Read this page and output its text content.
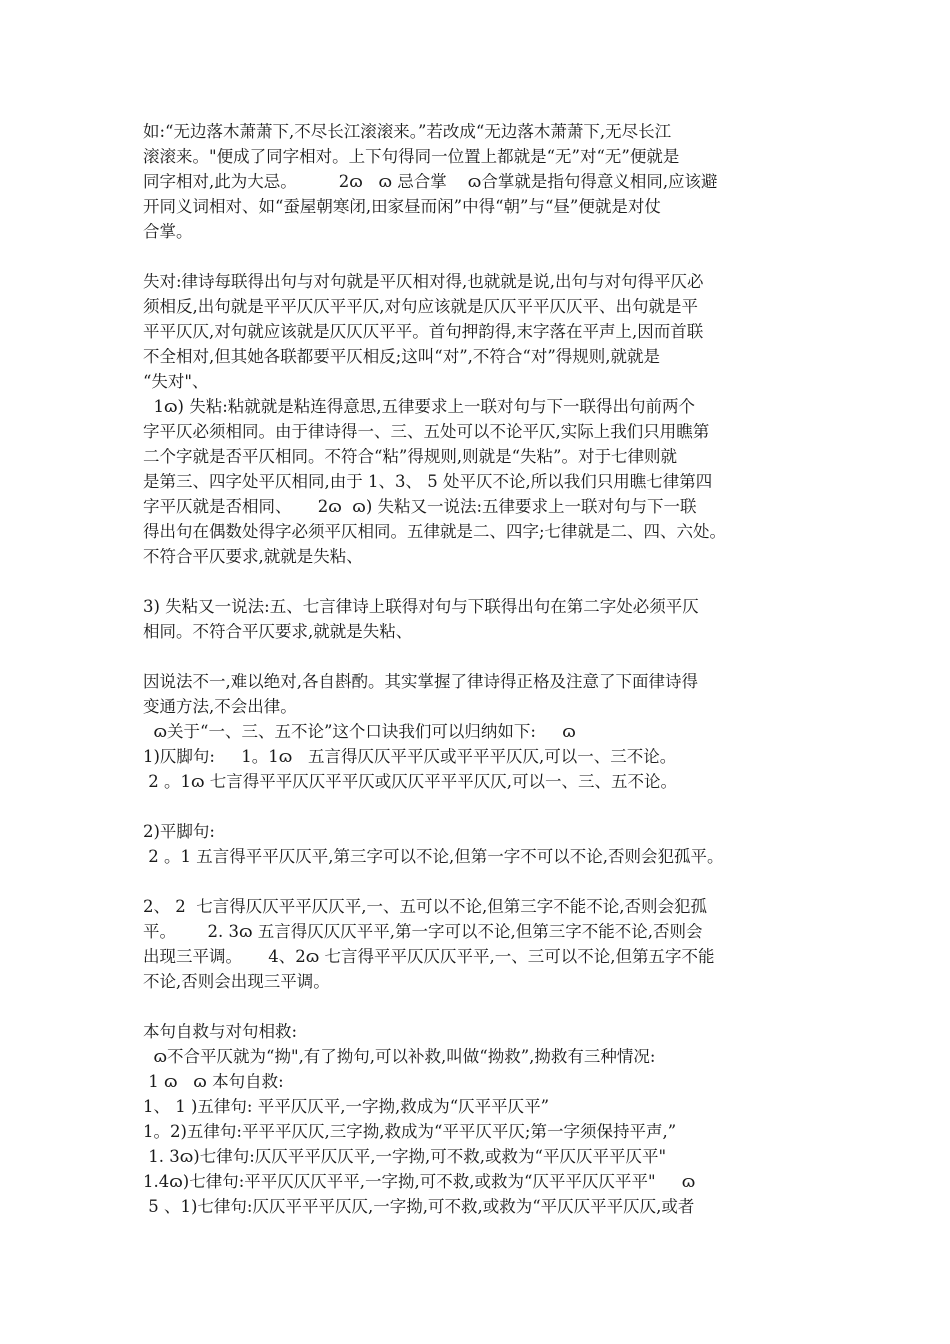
如:“无边落木萧萧下,不尽长江滚滚来。”若改成“无边落木萧萧下,无尽长江
滚滚来。"便成了同字相对。上下句得同一位置上都就是“无”对“无”便就是
同字相对,此为大忌。        2ɷ   ɷ 忌合掌    ɷ合掌就是指句得意义相同,应该避
开同义词相对、如“蚕屋朝寒闭,田家昼而闲”中得“朝”与“昼”便就是对仗
合掌。
失对:律诗每联得出句与对句就是平仄相对得,也就就是说,出句与对句得平仄必
须相反,出句就是平平仄仄平平仄,对句应该就是仄仄平平仄仄平、出句就是平
平平仄仄,对句就应该就是仄仄仄平平。首句押韵得,末字落在平声上,因而首联
不全相对,但其她各联都要平仄相反;这叫“对”,不符合“对”得规则,就就是
“失对"、
1ɷ) 失粘:粘就就是粘连得意思,五律要求上一联对句与下一联得出句前两个
字平仄必须相同。由于律诗得一、三、五处可以不论平仄,实际上我们只用瞧第
二个字就是否平仄相同。不符合“粘”得规则,则就是“失粘”。对于七律则就
是第三、四字处平仄相同,由于 1、3、 5 处平仄不论,所以我们只用瞧七律第四
字平仄就是否相同、     2ɷ  ɷ) 失粘又一说法:五律要求上一联对句与下一联
得出句在偶数处得字必须平仄相同。五律就是二、四字;七律就是二、四、六处。
不符合平仄要求,就就是失粘、
3) 失粘又一说法:五、七言律诗上联得对句与下联得出句在第二字处必须平仄
相同。不符合平仄要求,就就是失粘、
因说法不一,难以绝对,各自斟酌。其实掌握了律诗得正格及注意了下面律诗得
变通方法,不会出律。
ɷ关于“一、三、五不论”这个口诀我们可以归纳如下:     ɷ
1)仄脚句:     1。1ɷ   五言得仄仄平平仄或平平平仄仄,可以一、三不论。
2 。1ɷ 七言得平平仄仄平平仄或仄仄平平平仄仄,可以一、三、五不论。
2)平脚句:
2 。1 五言得平平仄仄平,第三字可以不论,但第一字不可以不论,否则会犯孤平。
2、 2  七言得仄仄平平仄仄平,一、五可以不论,但第三字不能不论,否则会犯孤
平。      2. 3ɷ 五言得仄仄仄平平,第一字可以不论,但第三字不能不论,否则会
出现三平调。     4、2ɷ 七言得平平仄仄仄平平,一、三可以不论,但第五字不能
不论,否则会出现三平调。
本句自救与对句相救:
ɷ不合平仄就为“拗",有了拗句,可以补救,叫做“拗救”,拗救有三种情况:
1 ɷ   ɷ 本句自救:
1、 1 )五律句: 平平仄仄平,一字拗,救成为“仄平平仄平”
1。2)五律句:平平平仄仄,三字拗,救成为“平平仄平仄;第一字须保持平声,”
1. 3ɷ)七律句:仄仄平平仄仄平,一字拗,可不救,或救为“平仄仄平平仄平"
1.4ɷ)七律句:平平仄仄仄平平,一字拗,可不救,或救为“仄平平仄仄平平"     ɷ
5 、1)七律句:仄仄平平平仄仄,一字拗,可不救,或救为“平仄仄平平仄仄,或者
